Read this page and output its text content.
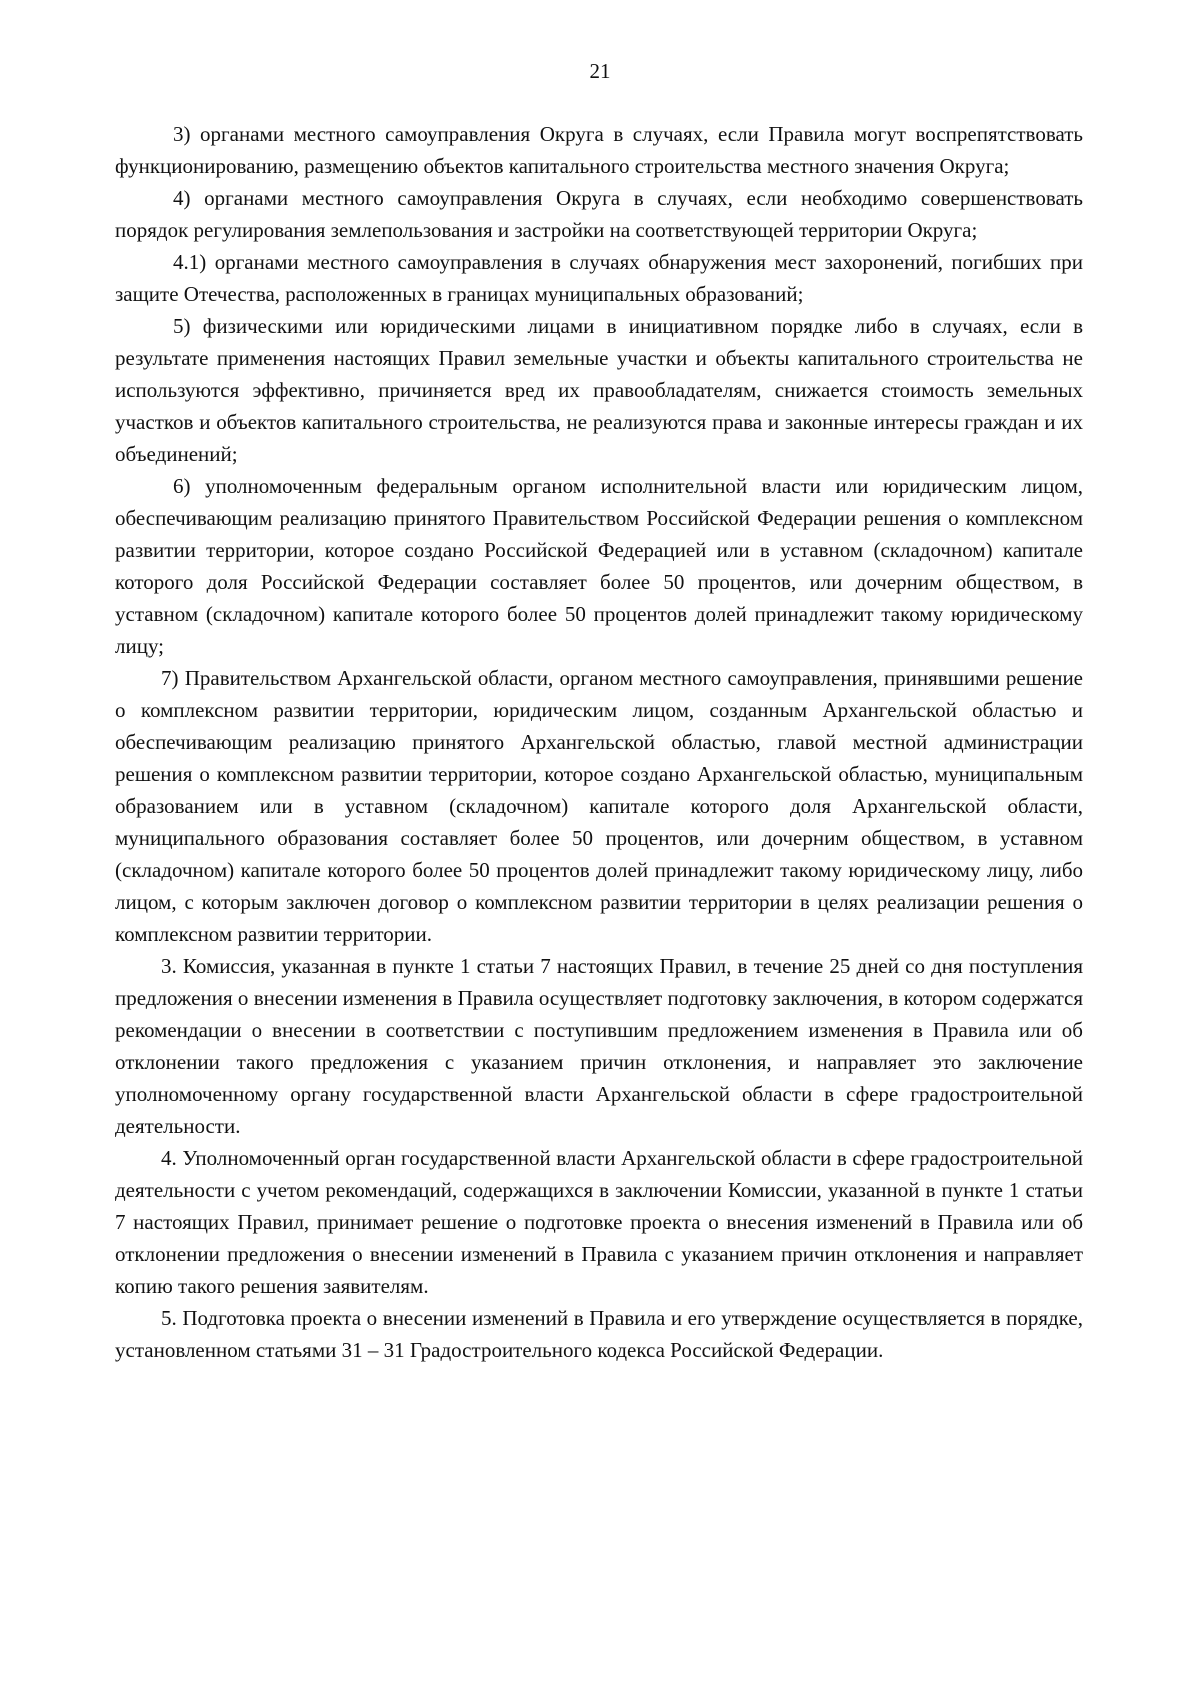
21

3) органами местного самоуправления Округа в случаях, если Правила могут воспрепятствовать функционированию, размещению объектов капитального строительства местного значения Округа;

4) органами местного самоуправления Округа в случаях, если необходимо совершенствовать порядок регулирования землепользования и застройки на соответствующей территории Округа;

4.1) органами местного самоуправления в случаях обнаружения мест захоронений, погибших при защите Отечества, расположенных в границах муниципальных образований;

5) физическими или юридическими лицами в инициативном порядке либо в случаях, если в результате применения настоящих Правил земельные участки и объекты капитального строительства не используются эффективно, причиняется вред их правообладателям, снижается стоимость земельных участков и объектов капитального строительства, не реализуются права и законные интересы граждан и их объединений;

6) уполномоченным федеральным органом исполнительной власти или юридическим лицом, обеспечивающим реализацию принятого Правительством Российской Федерации решения о комплексном развитии территории, которое создано Российской Федерацией или в уставном (складочном) капитале которого доля Российской Федерации составляет более 50 процентов, или дочерним обществом, в уставном (складочном) капитале которого более 50 процентов долей принадлежит такому юридическому лицу;

7) Правительством Архангельской области, органом местного самоуправления, принявшими решение о комплексном развитии территории, юридическим лицом, созданным Архангельской областью и обеспечивающим реализацию принятого Архангельской областью, главой местной администрации решения о комплексном развитии территории, которое создано Архангельской областью, муниципальным образованием или в уставном (складочном) капитале которого доля Архангельской области, муниципального образования составляет более 50 процентов, или дочерним обществом, в уставном (складочном) капитале которого более 50 процентов долей принадлежит такому юридическому лицу, либо лицом, с которым заключен договор о комплексном развитии территории в целях реализации решения о комплексном развитии территории.

3. Комиссия, указанная в пункте 1 статьи 7 настоящих Правил, в течение 25 дней со дня поступления предложения о внесении изменения в Правила осуществляет подготовку заключения, в котором содержатся рекомендации о внесении в соответствии с поступившим предложением изменения в Правила или об отклонении такого предложения с указанием причин отклонения, и направляет это заключение уполномоченному органу государственной власти Архангельской области в сфере градостроительной деятельности.

4. Уполномоченный орган государственной власти Архангельской области в сфере градостроительной деятельности с учетом рекомендаций, содержащихся в заключении Комиссии, указанной в пункте 1 статьи 7 настоящих Правил, принимает решение о подготовке проекта о внесения изменений в Правила или об отклонении предложения о внесении изменений в Правила с указанием причин отклонения и направляет копию такого решения заявителям.

5. Подготовка проекта о внесении изменений в Правила и его утверждение осуществляется в порядке, установленном статьями 31 – 31 Градостроительного кодекса Российской Федерации.
